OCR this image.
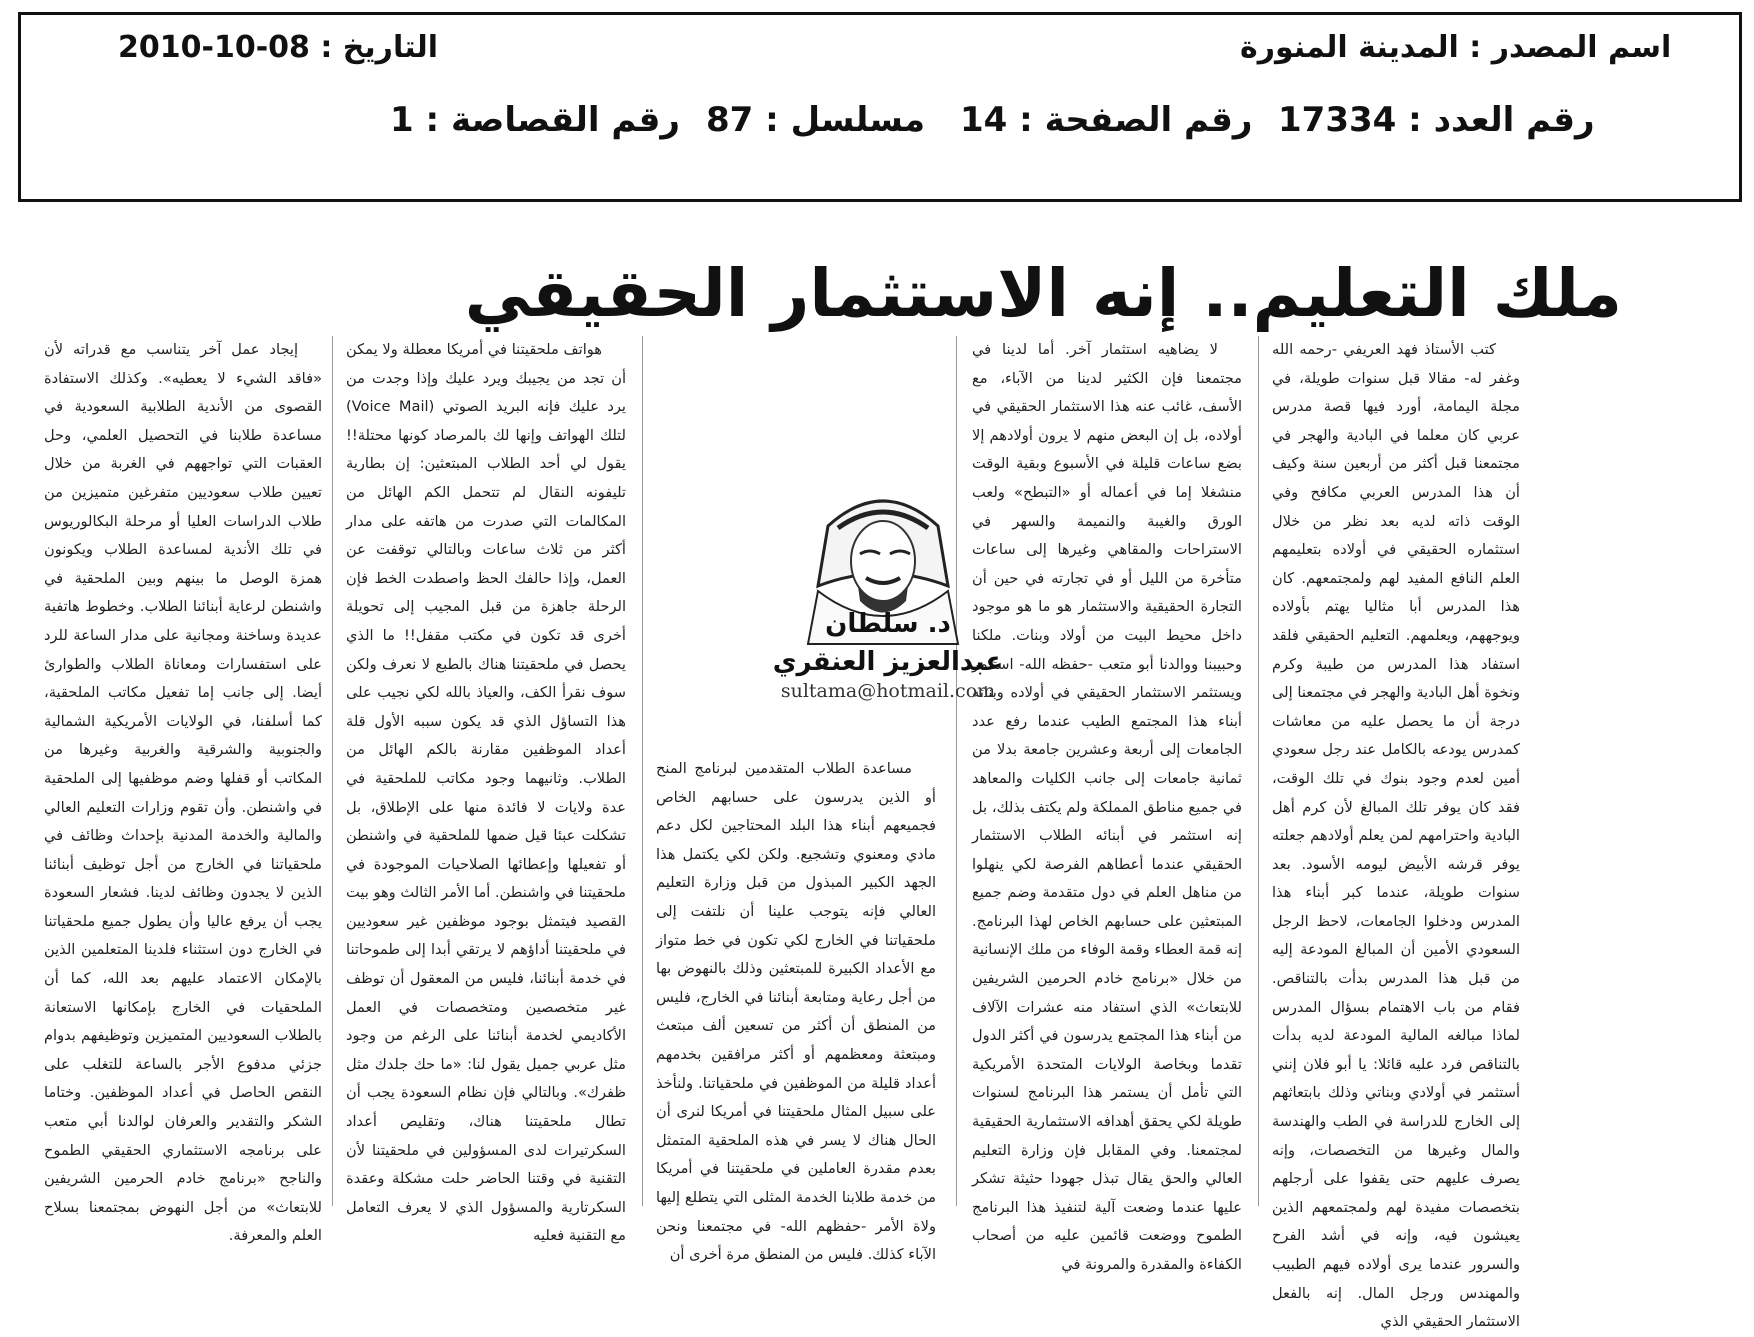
اسم المصدر : المدينة المنورة
التاريخ : 08-10-2010
رقم العدد : 17334
رقم الصفحة : 14
مسلسل : 87
رقم القصاصة : 1
ملك التعليم.. إنه الاستثمار الحقيقي

كتب الأستاذ فهد العريفي -رحمه الله وغفر له- مقالا قبل سنوات طويلة، في مجلة اليمامة، أورد فيها قصة مدرس عربي كان معلما في البادية والهجر في مجتمعنا قبل أكثر من أربعين سنة وكيف أن هذا المدرس العربي مكافح وفي الوقت ذاته لديه بعد نظر من خلال استثماره الحقيقي في أولاده بتعليمهم العلم النافع المفيد لهم ولمجتمعهم. كان هذا المدرس أبا مثاليا يهتم بأولاده ويوجههم، ويعلمهم. التعليم الحقيقي فلقد استفاد هذا المدرس من طيبة وكرم ونخوة أهل البادية والهجر في مجتمعنا إلى درجة أن ما يحصل عليه من معاشات كمدرس يودعه بالكامل عند رجل سعودي أمين لعدم وجود بنوك في تلك الوقت، فقد كان يوفر تلك المبالغ لأن كرم أهل البادية واحترامهم لمن يعلم أولادهم جعلته يوفر قرشه الأبيض ليومه الأسود. بعد سنوات طويلة، عندما كبر أبناء هذا المدرس ودخلوا الجامعات، لاحظ الرجل السعودي الأمين أن المبالغ المودعة إليه من قبل هذا المدرس بدأت بالتناقص. فقام من باب الاهتمام بسؤال المدرس لماذا مبالغه المالية المودعة لديه بدأت بالتناقص فرد عليه قائلا: يا أبو فلان إنني أستثمر في أولادي وبناتي وذلك بابتعاثهم إلى الخارج للدراسة في الطب والهندسة والمال وغيرها من التخصصات، وإنه يصرف عليهم حتى يقفوا على أرجلهم بتخصصات مفيدة لهم ولمجتمعهم الذين يعيشون فيه، وإنه في أشد الفرح والسرور عندما يرى أولاده فيهم الطبيب والمهندس ورجل المال. إنه بالفعل الاستثمار الحقيقي الذي

لا يضاهيه استثمار آخر. أما لدينا في مجتمعنا فإن الكثير لدينا من الآباء، مع الأسف، غائب عنه هذا الاستثمار الحقيقي في أولاده، بل إن البعض منهم لا يرون أولادهم إلا بضع ساعات قليلة في الأسبوع وبقية الوقت منشغلا إما في أعماله أو «التبطح» ولعب الورق والغيبة والنميمة والسهر في الاستراحات والمقاهي وغيرها إلى ساعات متأخرة من الليل أو في تجارته في حين أن التجارة الحقيقية والاستثمار هو ما هو موجود داخل محيط البيت من أولاد وبنات. ملكنا وحبيبنا ووالدنا أبو متعب -حفظه الله- استثمر ويستثمر الاستثمار الحقيقي في أولاده وبناته أبناء هذا المجتمع الطيب عندما رفع عدد الجامعات إلى أربعة وعشرين جامعة بدلا من ثمانية جامعات إلى جانب الكليات والمعاهد في جميع مناطق المملكة ولم يكتف بذلك، بل إنه استثمر في أبنائه الطلاب الاستثمار الحقيقي عندما أعطاهم الفرصة لكي ينهلوا من مناهل العلم في دول متقدمة وضم جميع المبتعثين على حسابهم الخاص لهذا البرنامج. إنه قمة العطاء وقمة الوفاء من ملك الإنسانية من خلال «برنامج خادم الحرمين الشريفين للابتعاث» الذي استفاد منه عشرات الآلاف من أبناء هذا المجتمع يدرسون في أكثر الدول تقدما وبخاصة الولايات المتحدة الأمريكية التي تأمل أن يستمر هذا البرنامج لسنوات طويلة لكي يحقق أهدافه الاستثمارية الحقيقية لمجتمعنا. وفي المقابل فإن وزارة التعليم العالي والحق يقال تبذل جهودا حثيثة تشكر عليها عندما وضعت آلية لتنفيذ هذا البرنامج الطموح ووضعت قائمين عليه من أصحاب الكفاءة والمقدرة والمرونة في

د. سلطان
عبدالعزيز العنقري
sultama@hotmail.com

مساعدة الطلاب المتقدمين لبرنامج المنح أو الذين يدرسون على حسابهم الخاص فجميعهم أبناء هذا البلد المحتاجين لكل دعم مادي ومعنوي وتشجيع. ولكن لكي يكتمل هذا الجهد الكبير المبذول من قبل وزارة التعليم العالي فإنه يتوجب علينا أن نلتفت إلى ملحقياتنا في الخارج لكي تكون في خط متواز مع الأعداد الكبيرة للمبتعثين وذلك بالنهوض بها من أجل رعاية ومتابعة أبنائنا في الخارج، فليس من المنطق أن أكثر من تسعين ألف مبتعث ومبتعثة ومعظمهم أو أكثر مرافقين بخدمهم أعداد قليلة من الموظفين في ملحقياتنا. ولنأخذ على سبيل المثال ملحقيتنا في أمريكا لنرى أن الحال هناك لا يسر في هذه الملحقية المتمثل بعدم مقدرة العاملين في ملحقيتنا في أمريكا من خدمة طلابنا الخدمة المثلى التي يتطلع إليها ولاة الأمر -حفظهم الله- في مجتمعنا ونحن الآباء كذلك. فليس من المنطق مرة أخرى أن

هواتف ملحقيتنا في أمريكا معطلة ولا يمكن أن تجد من يجيبك ويرد عليك وإذا وجدت من يرد عليك فإنه البريد الصوتي (Voice Mail) لتلك الهواتف وإنها لك بالمرصاد كونها محتلة!! يقول لي أحد الطلاب المبتعثين: إن بطارية تليفونه النقال لم تتحمل الكم الهائل من المكالمات التي صدرت من هاتفه على مدار أكثر من ثلاث ساعات وبالتالي توقفت عن العمل، وإذا حالفك الحظ واصطدت الخط فإن الرحلة جاهزة من قبل المجيب إلى تحويلة أخرى قد تكون في مكتب مقفل!! ما الذي يحصل في ملحقيتنا هناك بالطبع لا نعرف ولكن سوف نقرأ الكف، والعياذ بالله لكي نجيب على هذا التساؤل الذي قد يكون سببه الأول قلة أعداد الموظفين مقارنة بالكم الهائل من الطلاب. وثانيهما وجود مكاتب للملحقية في عدة ولايات لا فائدة منها على الإطلاق، بل تشكلت عبئا قيل ضمها للملحقية في واشنطن أو تفعيلها وإعطائها الصلاحيات الموجودة في ملحقيتنا في واشنطن. أما الأمر الثالث وهو بيت القصيد فيتمثل بوجود موظفين غير سعوديين في ملحقيتنا أداؤهم لا يرتقي أبدا إلى طموحاتنا في خدمة أبنائنا، فليس من المعقول أن توظف غير متخصصين ومتخصصات في العمل الأكاديمي لخدمة أبنائنا على الرغم من وجود مثل عربي جميل يقول لنا: «ما حك جلدك مثل ظفرك». وبالتالي فإن نظام السعودة يجب أن تطال ملحقيتنا هناك، وتقليص أعداد السكرتيرات لدى المسؤولين في ملحقيتنا لأن التقنية في وقتنا الحاضر حلت مشكلة وعقدة السكرتارية والمسؤول الذي لا يعرف التعامل مع التقنية فعليه

إيجاد عمل آخر يتناسب مع قدراته لأن «فاقد الشيء لا يعطيه». وكذلك الاستفادة القصوى من الأندية الطلابية السعودية في مساعدة طلابنا في التحصيل العلمي، وحل العقبات التي تواجههم في الغربة من خلال تعيين طلاب سعوديين متفرغين متميزين من طلاب الدراسات العليا أو مرحلة البكالوريوس في تلك الأندية لمساعدة الطلاب ويكونون همزة الوصل ما بينهم وبين الملحقية في واشنطن لرعاية أبنائنا الطلاب. وخطوط هاتفية عديدة وساخنة ومجانية على مدار الساعة للرد على استفسارات ومعاناة الطلاب والطوارئ أيضا. إلى جانب إما تفعيل مكاتب الملحقية، كما أسلفنا، في الولايات الأمريكية الشمالية والجنوبية والشرقية والغربية وغيرها من المكاتب أو قفلها وضم موظفيها إلى الملحقية في واشنطن. وأن تقوم وزارات التعليم العالي والمالية والخدمة المدنية بإحداث وظائف في ملحقياتنا في الخارج من أجل توظيف أبنائنا الذين لا يجدون وظائف لدينا. فشعار السعودة يجب أن يرفع عاليا وأن يطول جميع ملحقياتنا في الخارج دون استثناء فلدينا المتعلمين الذين بالإمكان الاعتماد عليهم بعد الله، كما أن الملحقيات في الخارج بإمكانها الاستعانة بالطلاب السعوديين المتميزين وتوظيفهم بدوام جزئي مدفوع الأجر بالساعة للتغلب على النقص الحاصل في أعداد الموظفين. وختاما الشكر والتقدير والعرفان لوالدنا أبي متعب على برنامجه الاستثماري الحقيقي الطموح والناجح «برنامج خادم الحرمين الشريفين للابتعاث» من أجل النهوض بمجتمعنا بسلاح العلم والمعرفة.
